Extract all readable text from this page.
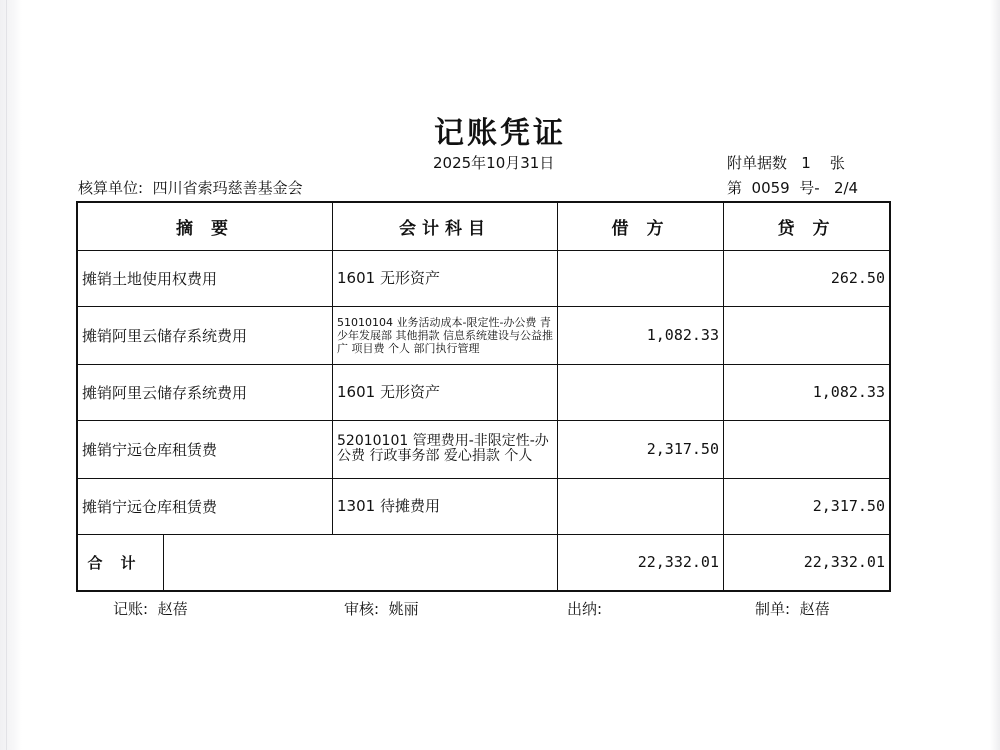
记账凭证
2025年10月31日	附单据数   1    张
核算单位:  四川省索玛慈善基金会	第  0059  号-   2/4
摘 要	会计科目	借 方	贷 方
摊销土地使用权费用	1601 无形资产		262.50
摊销阿里云储存系统费用	51010104 业务活动成本-限定性-办公费 青少年发展部 其他捐款 信息系统建设与公益推广 项目费 个人 部门执行管理	1,082.33	
摊销阿里云储存系统费用	1601 无形资产		1,082.33
摊销宁远仓库租赁费	52010101 管理费用-非限定性-办公费 行政事务部 爱心捐款 个人	2,317.50	
摊销宁远仓库租赁费	1301 待摊费用		2,317.50

合计		22,332.01	22,332.01
记账:  赵蓓	审核:  姚丽	出纳:	制单:  赵蓓
